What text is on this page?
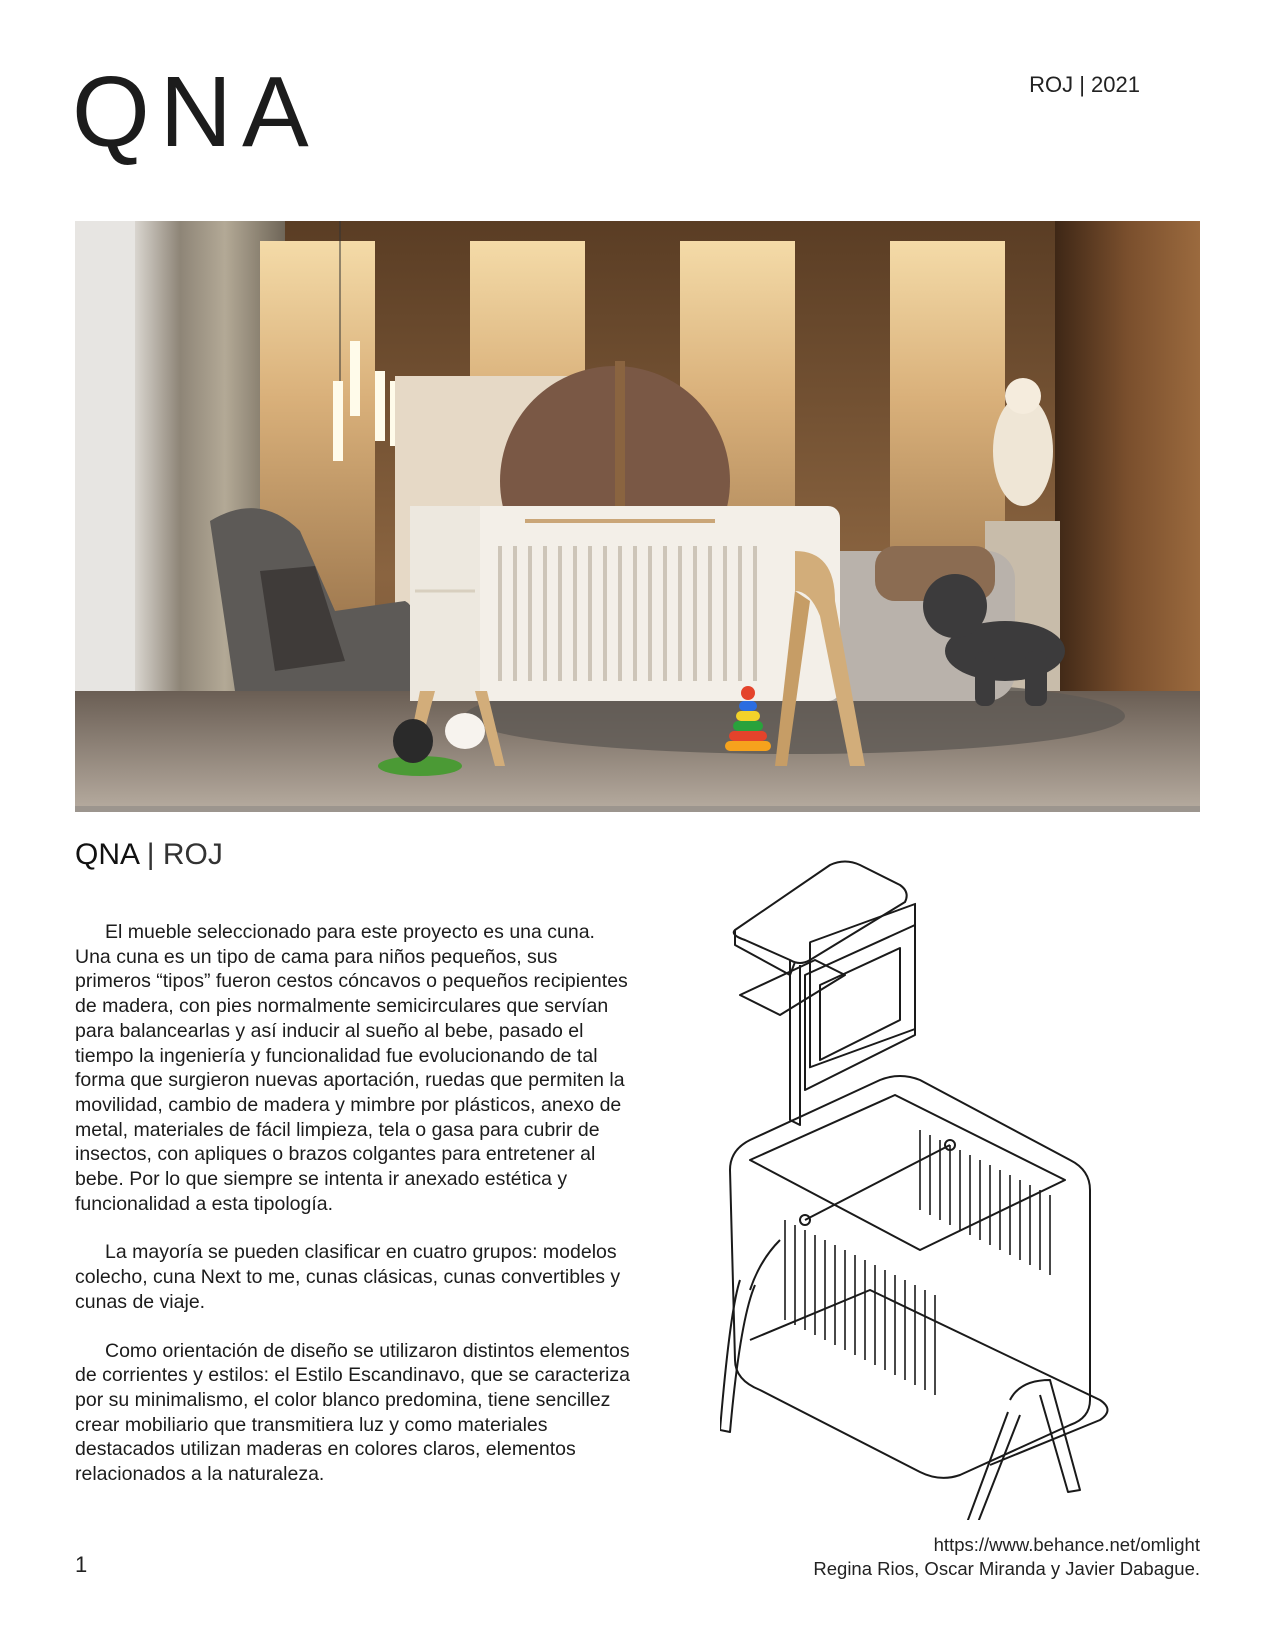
QNA	ROJ | 2021
QNA | ROJ

El mueble seleccionado para este proyecto es una cuna. Una cuna es un tipo de cama para niños pequeños, sus primeros “tipos” fueron cestos cóncavos o pequeños recipientes de madera, con pies normalmente semicirculares que servían para balancearlas y así inducir al sueño al bebe, pasado el tiempo la ingeniería y funcionalidad fue evolucionando de tal forma que surgieron nuevas aportación, ruedas que permiten la movilidad, cambio de madera y mimbre por plásticos, anexo de metal, materiales de fácil limpieza, tela o gasa para cubrir de insectos, con apliques o brazos colgantes para entretener al bebe. Por lo que siempre se intenta ir anexado estética y funcionalidad a esta tipología.

La mayoría se pueden clasificar en cuatro grupos: modelos colecho, cuna Next to me, cunas clásicas, cunas convertibles y cunas de viaje.

Como orientación de diseño se utilizaron distintos elementos de corrientes y estilos: el Estilo Escandinavo, que se caracteriza por su minimalismo, el color blanco predomina, tiene sencillez crear mobiliario que transmitiera luz y como materiales destacados utilizan maderas en colores claros, elementos relacionados a la naturaleza.

https://www.behance.net/omlight
Regina Rios, Oscar Miranda y Javier Dabague.
1
